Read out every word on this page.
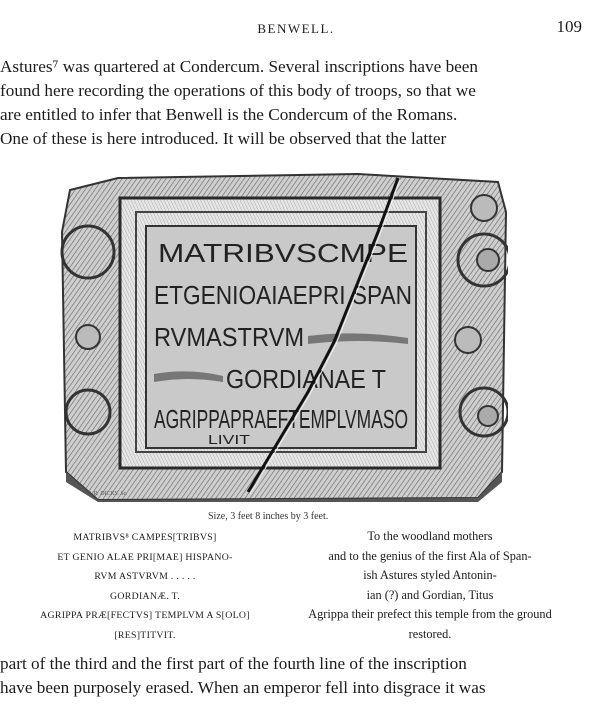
BENWELL.	109

Astures⁷ was quartered at Condercum. Several inscriptions have been
found here recording the operations of this body of troops, so that we
are entitled to infer that Benwell is the Condercum of the Romans.
One of these is here introduced. It will be observed that the latter

MATRIBVSCMPE
ETGENIOAIAEPRI SPAN
RVMASTRVM
GORDIANAE T
AGRIPPAPRAEFTEMPLVMASO
LIVIT
W. R. DICKS. Sc.
Size, 3 feet 8 inches by 3 feet.

MATRIBVS⁸ CAMPES[TRIBVS]
ET GENIO ALAE PRI[MAE] HISPANO-
RVM ASTVRVM . . . . .
GORDIANÆ. T.
AGRIPPA PRÆ[FECTVS] TEMPLVM A S[OLO]
[RES]TITVIT.

To the woodland mothers
and to the genius of the first Ala of Span-
ish Astures styled Antonin-
ian (?) and Gordian, Titus
Agrippa their prefect this temple from the ground
restored.

part of the third and the first part of the fourth line of the inscription
have been purposely erased. When an emperor fell into disgrace it was
